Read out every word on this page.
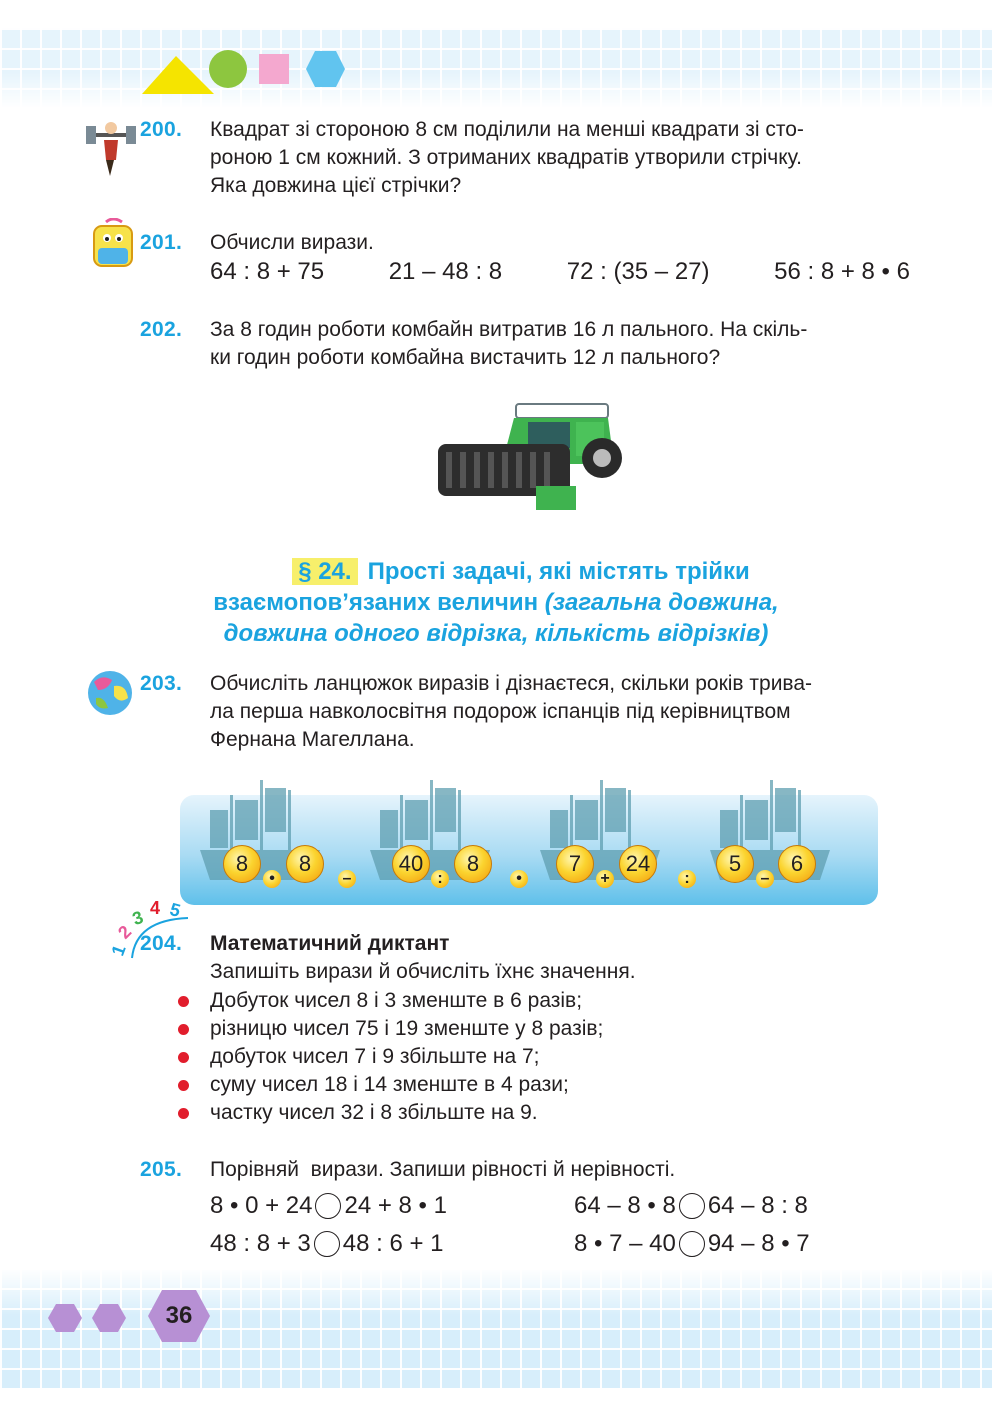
200. Квадрат зі стороною 8 см поділили на менші квадрати зі сто-
роною 1 см кожний. З отриманих квадратів утворили стрічку.
Яка довжина цієї стрічки?
201. Обчисли вирази.
64 : 8 + 75	21 – 48 : 8	72 : (35 – 27)	56 : 8 + 8 • 6
202. За 8 годин роботи комбайн витратив 16 л пального. На скіль-
ки годин роботи комбайна вистачить 12 л пального?
§ 24. Прості задачі, які містять трійки
взаємопов’язаних величин (загальна довжина,
довжина одного відрізка, кількість відрізків)
203. Обчисліть ланцюжок виразів і дізнаєтеся, скільки років трива-
ла перша навколосвітня подорож іспанців під керівництвом
Фернана Магеллана.
8
•
8
–
40
:
8
•
7
+
24
:
5
–
6
1
2
3 4 5
204. Математичний диктант
Запишіть вирази й обчисліть їхнє значення.
Добуток чисел 8 і 3 зменште в 6 разів;
різницю чисел 75 і 19 зменште у 8 разів;
добуток чисел 7 і 9 збільште на 7;
суму чисел 18 і 14 зменште в 4 рази;
частку чисел 32 і 8 збільште на 9.
205. Порівняй  вирази. Запиши рівності й нерівності.
8 • 0 + 24 24 + 8 • 1	64 – 8 • 8 64 – 8 : 8
48 : 8 + 3 48 : 6 + 1	8 • 7 – 40 94 – 8 • 7
36
